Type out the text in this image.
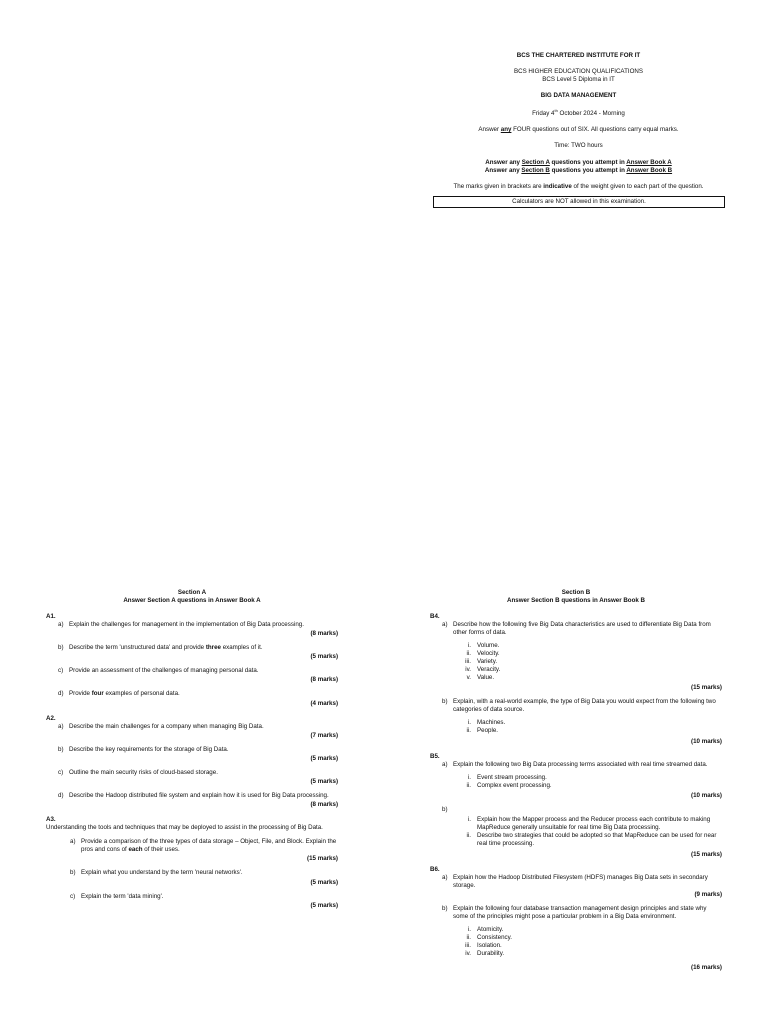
BCS THE CHARTERED INSTITUTE FOR IT
BCS HIGHER EDUCATION QUALIFICATIONS
BCS Level 5 Diploma in IT
BIG DATA MANAGEMENT
Friday 4th October 2024 - Morning
Answer any FOUR questions out of SIX. All questions carry equal marks.
Time: TWO hours
Answer any Section A questions you attempt in Answer Book A
Answer any Section B questions you attempt in Answer Book B
The marks given in brackets are indicative of the weight given to each part of the question.
Calculators are NOT allowed in this examination.
Section A
Answer Section A questions in Answer Book A
A1.
a) Explain the challenges for management in the implementation of Big Data processing.
(8 marks)
b) Describe the term 'unstructured data' and provide three examples of it.
(5 marks)
c) Provide an assessment of the challenges of managing personal data.
(8 marks)
d) Provide four examples of personal data.
(4 marks)
A2.
a) Describe the main challenges for a company when managing Big Data.
(7 marks)
b) Describe the key requirements for the storage of Big Data.
(5 marks)
c) Outline the main security risks of cloud-based storage.
(5 marks)
d) Describe the Hadoop distributed file system and explain how it is used for Big Data processing.
(8 marks)
A3.
Understanding the tools and techniques that may be deployed to assist in the processing of Big Data.
a) Provide a comparison of the three types of data storage – Object, File, and Block. Explain the pros and cons of each of their uses.
(15 marks)
b) Explain what you understand by the term 'neural networks'.
(5 marks)
c) Explain the term 'data mining'.
(5 marks)
Section B
Answer Section B questions in Answer Book B
B4.
a) Describe how the following five Big Data characteristics are used to differentiate Big Data from other forms of data.
i. Volume.
ii. Velocity.
iii. Variety.
iv. Veracity.
v. Value.
(15 marks)
b) Explain, with a real-world example, the type of Big Data you would expect from the following two categories of data source.
i. Machines.
ii. People.
(10 marks)
B5.
a) Explain the following two Big Data processing terms associated with real time streamed data.
i. Event stream processing.
ii. Complex event processing.
(10 marks)
b)
i. Explain how the Mapper process and the Reducer process each contribute to making MapReduce generally unsuitable for real time Big Data processing.
ii. Describe two strategies that could be adopted so that MapReduce can be used for near real time processing.
(15 marks)
B6.
a) Explain how the Hadoop Distributed Filesystem (HDFS) manages Big Data sets in secondary storage.
(9 marks)
b) Explain the following four database transaction management design principles and state why some of the principles might pose a particular problem in a Big Data environment.
i. Atomicity.
ii. Consistency.
iii. Isolation.
iv. Durability.
(16 marks)
